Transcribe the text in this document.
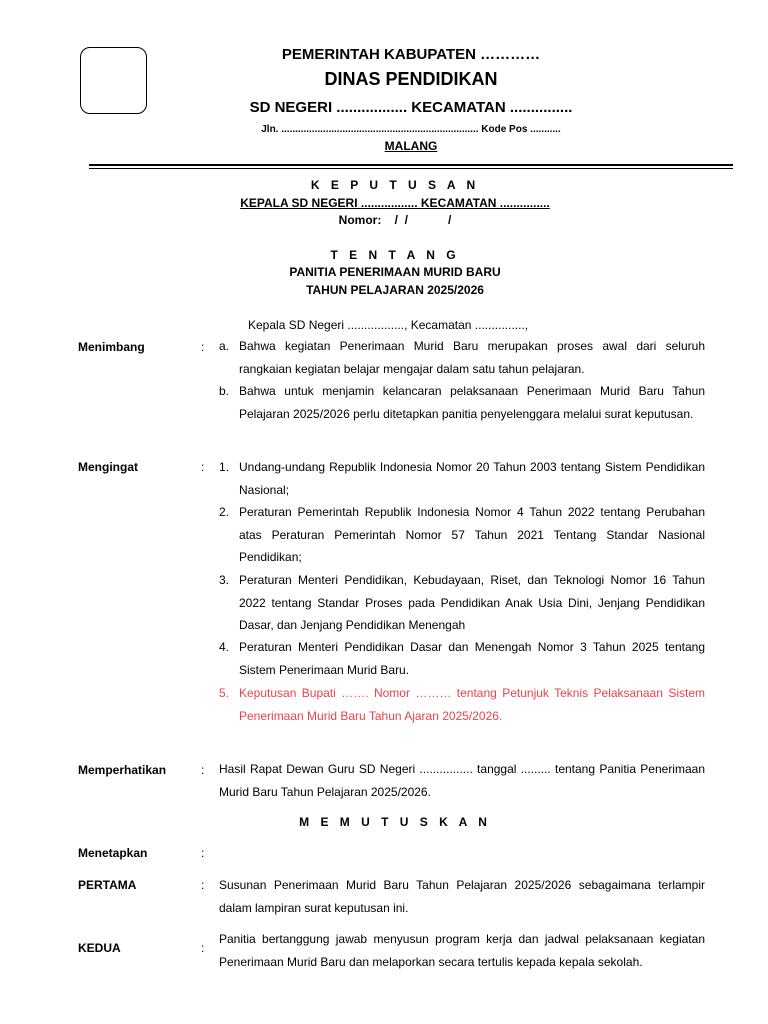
PEMERINTAH KABUPATEN …………
DINAS PENDIDIKAN
SD NEGERI ................. KECAMATAN ...............
Jln. ....................................................................... Kode Pos ...........
MALANG
K E P U T U S A N
KEPALA SD NEGERI ................. KECAMATAN ...............
Nomor:    /  /            /
T E N T A N G
PANITIA PENERIMAAN MURID BARU
TAHUN PELAJARAN 2025/2026
Kepala SD Negeri ................., Kecamatan ...............,
Menimbang	: a. Bahwa kegiatan Penerimaan Murid Baru merupakan proses awal dari seluruh rangkaian kegiatan belajar mengajar dalam satu tahun pelajaran.
b. Bahwa untuk menjamin kelancaran pelaksanaan Penerimaan Murid Baru Tahun Pelajaran 2025/2026 perlu ditetapkan panitia penyelenggara melalui surat keputusan.
Mengingat	: 1. Undang-undang Republik Indonesia Nomor 20 Tahun 2003 tentang Sistem Pendidikan Nasional;
2. Peraturan Pemerintah Republik Indonesia Nomor 4 Tahun 2022 tentang Perubahan atas Peraturan Pemerintah Nomor 57 Tahun 2021 Tentang Standar Nasional Pendidikan;
3. Peraturan Menteri Pendidikan, Kebudayaan, Riset, dan Teknologi Nomor 16 Tahun 2022 tentang Standar Proses pada Pendidikan Anak Usia Dini, Jenjang Pendidikan Dasar, dan Jenjang Pendidikan Menengah
4. Peraturan Menteri Pendidikan Dasar dan Menengah Nomor 3 Tahun 2025 tentang Sistem Penerimaan Murid Baru.
5. Keputusan Bupati ……. Nomor ……… tentang Petunjuk Teknis Pelaksanaan Sistem Penerimaan Murid Baru Tahun Ajaran 2025/2026.
Memperhatikan	: Hasil Rapat Dewan Guru SD Negeri ................ tanggal ......... tentang Panitia Penerimaan Murid Baru Tahun Pelajaran 2025/2026.
M E M U T U S K A N
Menetapkan	:
PERTAMA	: Susunan Penerimaan Murid Baru Tahun Pelajaran 2025/2026 sebagaimana terlampir dalam lampiran surat keputusan ini.
KEDUA	:
Panitia bertanggung jawab menyusun program kerja dan jadwal pelaksanaan kegiatan Penerimaan Murid Baru dan melaporkan secara tertulis kepada kepala sekolah.
